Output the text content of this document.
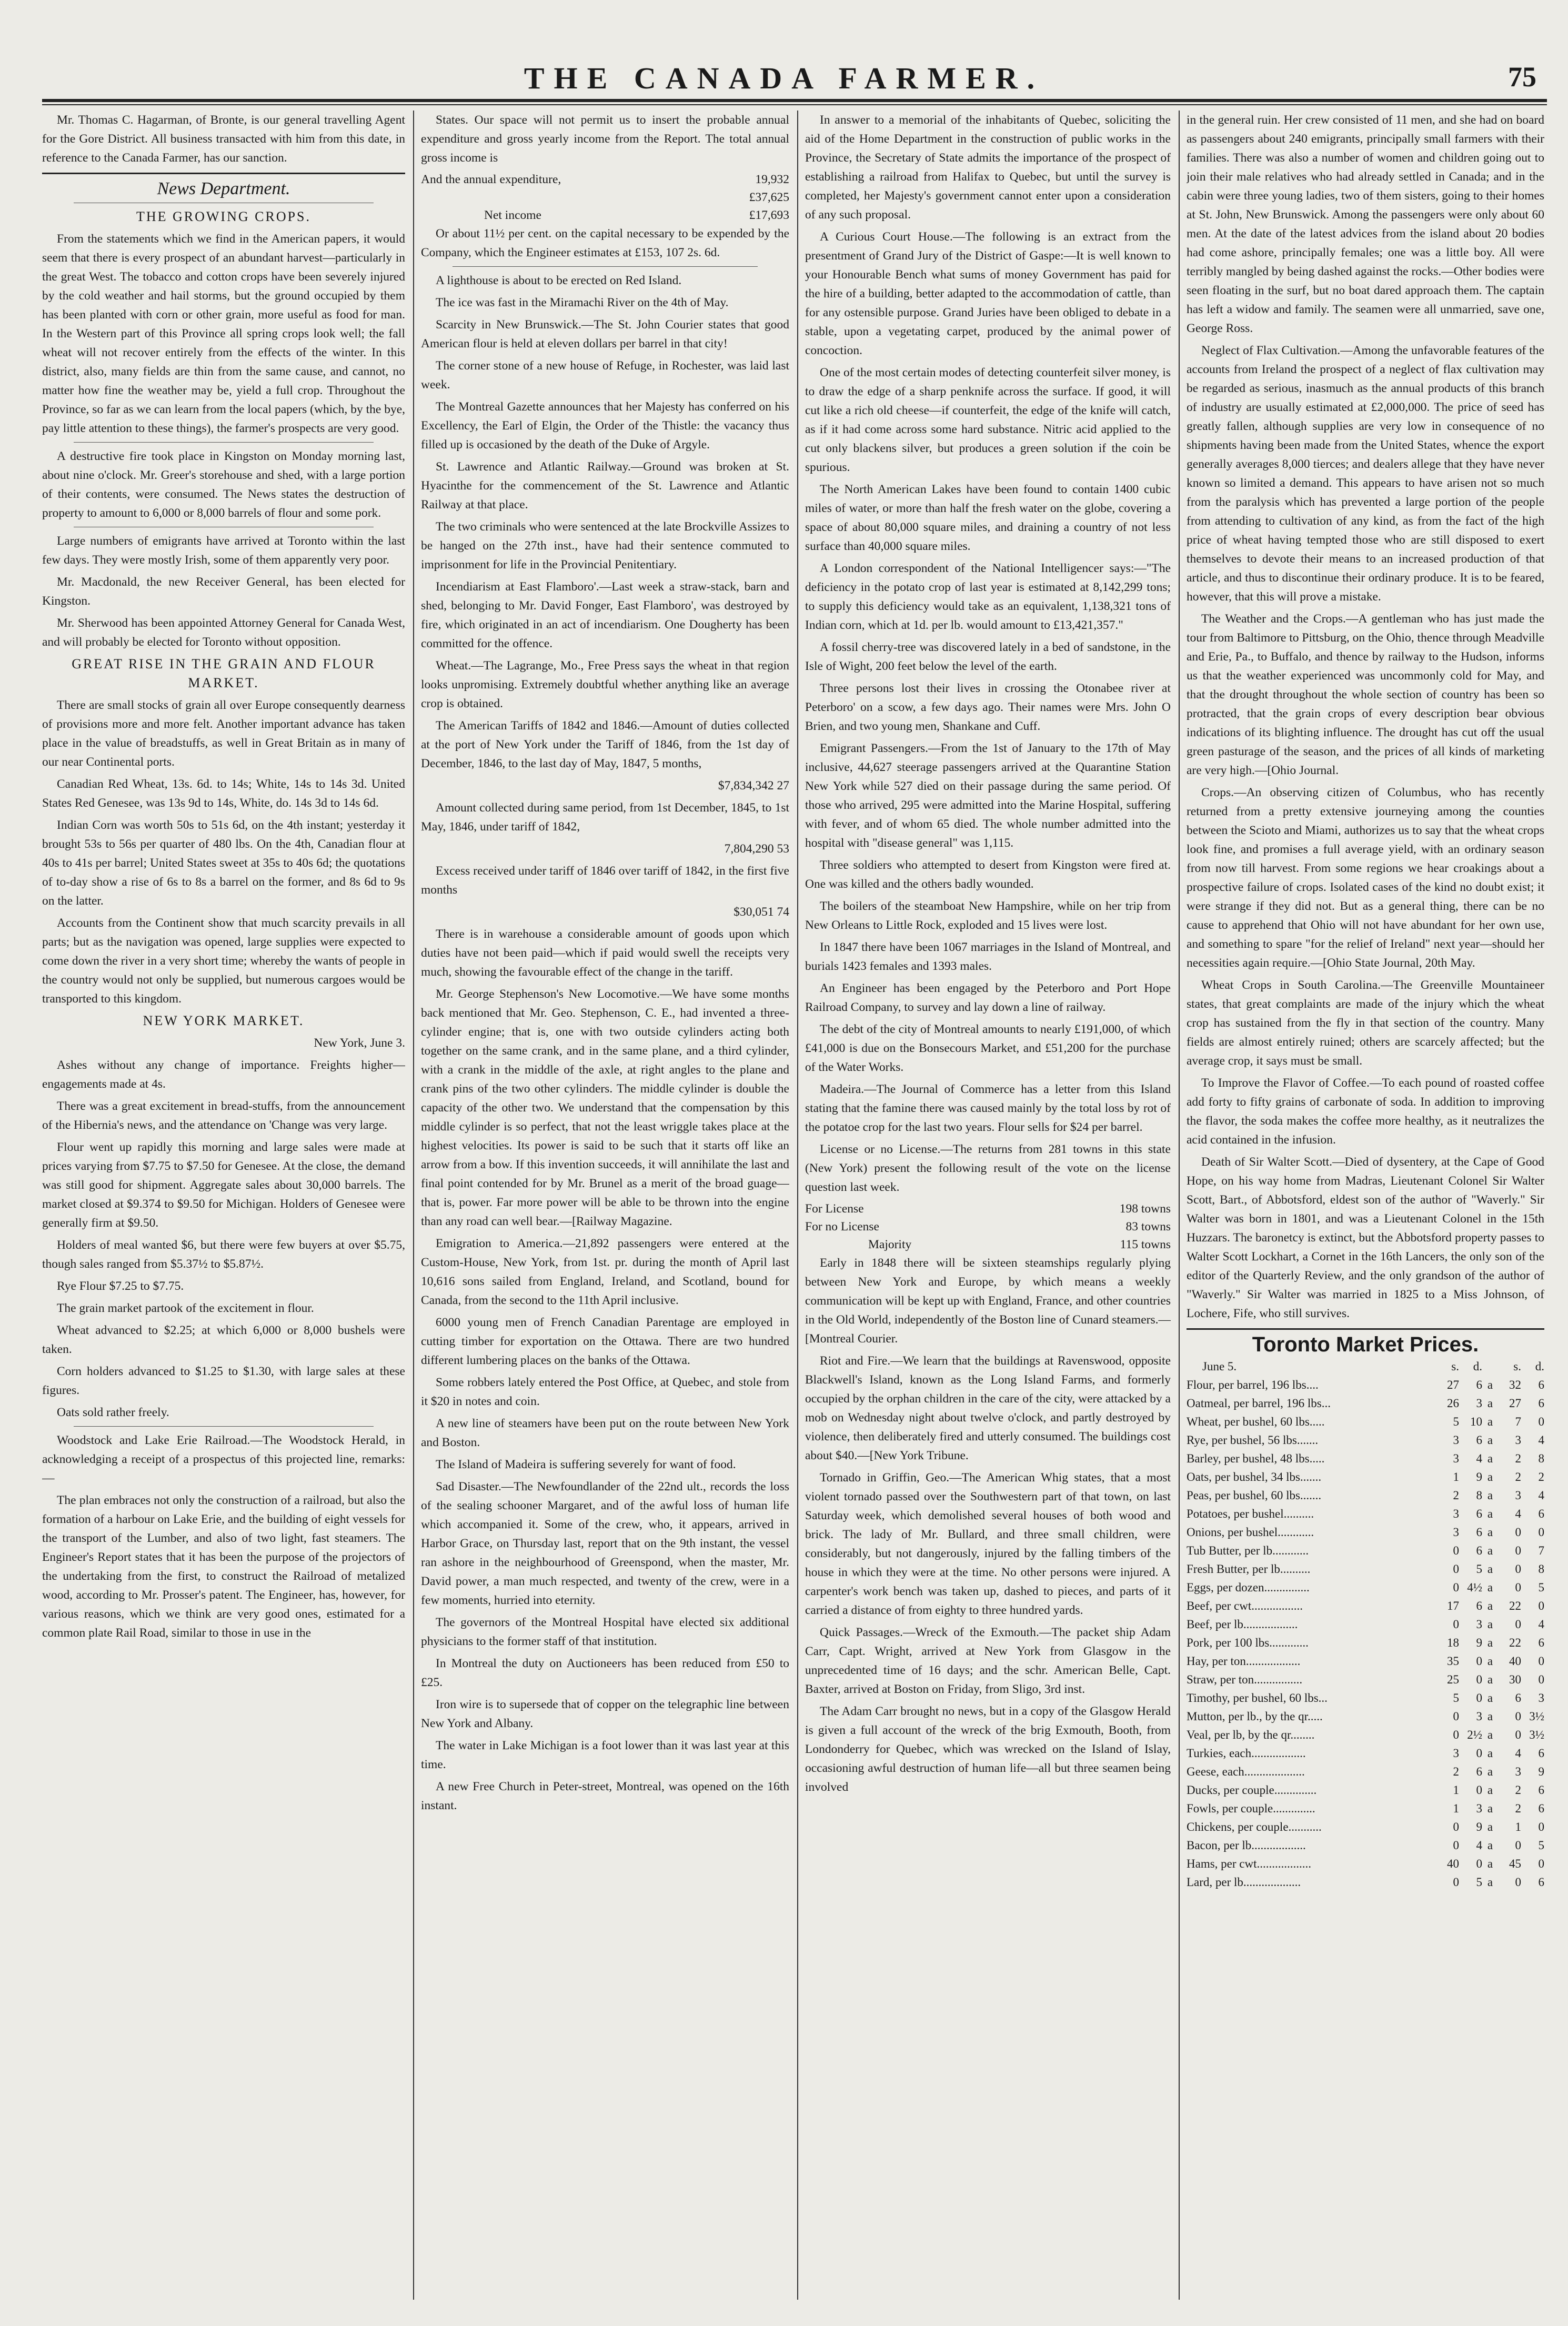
THE CANADA FARMER.	75

Mr. Thomas C. Hagarman, of Bronte, is our general travelling Agent for the Gore District. All business transacted with him from this date, in reference to the Canada Farmer, has our sanction.

News Department.
THE GROWING CROPS.

From the statements which we find in the American papers, it would seem that there is every prospect of an abundant harvest—particularly in the great West. The tobacco and cotton crops have been severely injured by the cold weather and hail storms, but the ground occupied by them has been planted with corn or other grain, more useful as food for man. In the Western part of this Province all spring crops look well; the fall wheat will not recover entirely from the effects of the winter. In this district, also, many fields are thin from the same cause, and cannot, no matter how fine the weather may be, yield a full crop. Throughout the Province, so far as we can learn from the local papers (which, by the bye, pay little attention to these things), the farmer's prospects are very good.

A destructive fire took place in Kingston on Monday morning last, about nine o'clock. Mr. Greer's storehouse and shed, with a large portion of their contents, were consumed. The News states the destruction of property to amount to 6,000 or 8,000 barrels of flour and some pork.

Large numbers of emigrants have arrived at Toronto within the last few days. They were mostly Irish, some of them apparently very poor.

Mr. Macdonald, the new Receiver General, has been elected for Kingston.

Mr. Sherwood has been appointed Attorney General for Canada West, and will probably be elected for Toronto without opposition.

GREAT RISE IN THE GRAIN AND FLOUR MARKET.

There are small stocks of grain all over Europe consequently dearness of provisions more and more felt. Another important advance has taken place in the value of breadstuffs, as well in Great Britain as in many of our near Continental ports.

Canadian Red Wheat, 13s. 6d. to 14s; White, 14s to 14s 3d. United States Red Genesee, was 13s 9d to 14s, White, do. 14s 3d to 14s 6d.

Indian Corn was worth 50s to 51s 6d, on the 4th instant; yesterday it brought 53s to 56s per quarter of 480 lbs. On the 4th, Canadian flour at 40s to 41s per barrel; United States sweet at 35s to 40s 6d; the quotations of to-day show a rise of 6s to 8s a barrel on the former, and 8s 6d to 9s on the latter.

Accounts from the Continent show that much scarcity prevails in all parts; but as the navigation was opened, large supplies were expected to come down the river in a very short time; whereby the wants of people in the country would not only be supplied, but numerous cargoes would be transported to this kingdom.

NEW YORK MARKET.

New York, June 3.

Ashes without any change of importance. Freights higher—engagements made at 4s.

There was a great excitement in bread-stuffs, from the announcement of the Hibernia's news, and the attendance on 'Change was very large.

Flour went up rapidly this morning and large sales were made at prices varying from $7.75 to $7.50 for Genesee. At the close, the demand was still good for shipment. Aggregate sales about 30,000 barrels. The market closed at $9.374 to $9.50 for Michigan. Holders of Genesee were generally firm at $9.50.

Holders of meal wanted $6, but there were few buyers at over $5.75, though sales ranged from $5.37½ to $5.87½.

Rye Flour $7.25 to $7.75.

The grain market partook of the excitement in flour.

Wheat advanced to $2.25; at which 6,000 or 8,000 bushels were taken.

Corn holders advanced to $1.25 to $1.30, with large sales at these figures.

Oats sold rather freely.

Woodstock and Lake Erie Railroad.—The Woodstock Herald, in acknowledging a receipt of a prospectus of this projected line, remarks:—

The plan embraces not only the construction of a railroad, but also the formation of a harbour on Lake Erie, and the building of eight vessels for the transport of the Lumber, and also of two light, fast steamers. The Engineer's Report states that it has been the purpose of the projectors of the undertaking from the first, to construct the Railroad of metalized wood, according to Mr. Prosser's patent. The Engineer, has, however, for various reasons, which we think are very good ones, estimated for a common plate Rail Road, similar to those in use in the

States. Our space will not permit us to insert the probable annual expenditure and gross yearly income from the Report. The total annual gross income is

And the annual expenditure,	19,932
	£37,625
Net income	£17,693

Or about 11½ per cent. on the capital necessary to be expended by the Company, which the Engineer estimates at £153, 107 2s. 6d.

A lighthouse is about to be erected on Red Island.

The ice was fast in the Miramachi River on the 4th of May.

Scarcity in New Brunswick.—The St. John Courier states that good American flour is held at eleven dollars per barrel in that city!

The corner stone of a new house of Refuge, in Rochester, was laid last week.

The Montreal Gazette announces that her Majesty has conferred on his Excellency, the Earl of Elgin, the Order of the Thistle: the vacancy thus filled up is occasioned by the death of the Duke of Argyle.

St. Lawrence and Atlantic Railway.—Ground was broken at St. Hyacinthe for the commencement of the St. Lawrence and Atlantic Railway at that place.

The two criminals who were sentenced at the late Brockville Assizes to be hanged on the 27th inst., have had their sentence commuted to imprisonment for life in the Provincial Penitentiary.

Incendiarism at East Flamboro'.—Last week a straw-stack, barn and shed, belonging to Mr. David Fonger, East Flamboro', was destroyed by fire, which originated in an act of incendiarism. One Dougherty has been committed for the offence.

Wheat.—The Lagrange, Mo., Free Press says the wheat in that region looks unpromising. Extremely doubtful whether anything like an average crop is obtained.

The American Tariffs of 1842 and 1846.—Amount of duties collected at the port of New York under the Tariff of 1846, from the 1st day of December, 1846, to the last day of May, 1847, 5 months,

$7,834,342 27

Amount collected during same period, from 1st December, 1845, to 1st May, 1846, under tariff of 1842,

7,804,290 53

Excess received under tariff of 1846 over tariff of 1842, in the first five months

$30,051 74

There is in warehouse a considerable amount of goods upon which duties have not been paid—which if paid would swell the receipts very much, showing the favourable effect of the change in the tariff.

Mr. George Stephenson's New Locomotive.—We have some months back mentioned that Mr. Geo. Stephenson, C. E., had invented a three-cylinder engine; that is, one with two outside cylinders acting both together on the same crank, and in the same plane, and a third cylinder, with a crank in the middle of the axle, at right angles to the plane and crank pins of the two other cylinders. The middle cylinder is double the capacity of the other two. We understand that the compensation by this middle cylinder is so perfect, that not the least wriggle takes place at the highest velocities. Its power is said to be such that it starts off like an arrow from a bow. If this invention succeeds, it will annihilate the last and final point contended for by Mr. Brunel as a merit of the broad guage—that is, power. Far more power will be able to be thrown into the engine than any road can well bear.—[Railway Magazine.

Emigration to America.—21,892 passengers were entered at the Custom-House, New York, from 1st. pr. during the month of April last 10,616 sons sailed from England, Ireland, and Scotland, bound for Canada, from the second to the 11th April inclusive.

6000 young men of French Canadian Parentage are employed in cutting timber for exportation on the Ottawa. There are two hundred different lumbering places on the banks of the Ottawa.

Some robbers lately entered the Post Office, at Quebec, and stole from it $20 in notes and coin.

A new line of steamers have been put on the route between New York and Boston.

The Island of Madeira is suffering severely for want of food.

Sad Disaster.—The Newfoundlander of the 22nd ult., records the loss of the sealing schooner Margaret, and of the awful loss of human life which accompanied it. Some of the crew, who, it appears, arrived in Harbor Grace, on Thursday last, report that on the 9th instant, the vessel ran ashore in the neighbourhood of Greenspond, when the master, Mr. David power, a man much respected, and twenty of the crew, were in a few moments, hurried into eternity.

The governors of the Montreal Hospital have elected six additional physicians to the former staff of that institution.

In Montreal the duty on Auctioneers has been reduced from £50 to £25.

Iron wire is to supersede that of copper on the telegraphic line between New York and Albany.

The water in Lake Michigan is a foot lower than it was last year at this time.

A new Free Church in Peter-street, Montreal, was opened on the 16th instant.

In answer to a memorial of the inhabitants of Quebec, soliciting the aid of the Home Department in the construction of public works in the Province, the Secretary of State admits the importance of the prospect of establishing a railroad from Halifax to Quebec, but until the survey is completed, her Majesty's government cannot enter upon a consideration of any such proposal.

A Curious Court House.—The following is an extract from the presentment of Grand Jury of the District of Gaspe:—It is well known to your Honourable Bench what sums of money Government has paid for the hire of a building, better adapted to the accommodation of cattle, than for any ostensible purpose. Grand Juries have been obliged to debate in a stable, upon a vegetating carpet, produced by the animal power of concoction.

One of the most certain modes of detecting counterfeit silver money, is to draw the edge of a sharp penknife across the surface. If good, it will cut like a rich old cheese—if counterfeit, the edge of the knife will catch, as if it had come across some hard substance. Nitric acid applied to the cut only blackens silver, but produces a green solution if the coin be spurious.

The North American Lakes have been found to contain 1400 cubic miles of water, or more than half the fresh water on the globe, covering a space of about 80,000 square miles, and draining a country of not less surface than 40,000 square miles.

A London correspondent of the National Intelligencer says:—"The deficiency in the potato crop of last year is estimated at 8,142,299 tons; to supply this deficiency would take as an equivalent, 1,138,321 tons of Indian corn, which at 1d. per lb. would amount to £13,421,357."

A fossil cherry-tree was discovered lately in a bed of sandstone, in the Isle of Wight, 200 feet below the level of the earth.

Three persons lost their lives in crossing the Otonabee river at Peterboro' on a scow, a few days ago. Their names were Mrs. John O Brien, and two young men, Shankane and Cuff.

Emigrant Passengers.—From the 1st of January to the 17th of May inclusive, 44,627 steerage passengers arrived at the Quarantine Station New York while 527 died on their passage during the same period. Of those who arrived, 295 were admitted into the Marine Hospital, suffering with fever, and of whom 65 died. The whole number admitted into the hospital with "disease general" was 1,115.

Three soldiers who attempted to desert from Kingston were fired at. One was killed and the others badly wounded.

The boilers of the steamboat New Hampshire, while on her trip from New Orleans to Little Rock, exploded and 15 lives were lost.

In 1847 there have been 1067 marriages in the Island of Montreal, and burials 1423 females and 1393 males.

An Engineer has been engaged by the Peterboro and Port Hope Railroad Company, to survey and lay down a line of railway.

The debt of the city of Montreal amounts to nearly £191,000, of which £41,000 is due on the Bonsecours Market, and £51,200 for the purchase of the Water Works.

Madeira.—The Journal of Commerce has a letter from this Island stating that the famine there was caused mainly by the total loss by rot of the potatoe crop for the last two years. Flour sells for $24 per barrel.

License or no License.—The returns from 281 towns in this state (New York) present the following result of the vote on the license question last week.

For License	198 towns
For no License	83 towns
Majority	115 towns

Early in 1848 there will be sixteen steamships regularly plying between New York and Europe, by which means a weekly communication will be kept up with England, France, and other countries in the Old World, independently of the Boston line of Cunard steamers.—[Montreal Courier.

Riot and Fire.—We learn that the buildings at Ravenswood, opposite Blackwell's Island, known as the Long Island Farms, and formerly occupied by the orphan children in the care of the city, were attacked by a mob on Wednesday night about twelve o'clock, and partly destroyed by violence, then deliberately fired and utterly consumed. The buildings cost about $40.—[New York Tribune.

Tornado in Griffin, Geo.—The American Whig states, that a most violent tornado passed over the Southwestern part of that town, on last Saturday week, which demolished several houses of both wood and brick. The lady of Mr. Bullard, and three small children, were considerably, but not dangerously, injured by the falling timbers of the house in which they were at the time. No other persons were injured. A carpenter's work bench was taken up, dashed to pieces, and parts of it carried a distance of from eighty to three hundred yards.

Quick Passages.—Wreck of the Exmouth.—The packet ship Adam Carr, Capt. Wright, arrived at New York from Glasgow in the unprecedented time of 16 days; and the schr. American Belle, Capt. Baxter, arrived at Boston on Friday, from Sligo, 3rd inst.

The Adam Carr brought no news, but in a copy of the Glasgow Herald is given a full account of the wreck of the brig Exmouth, Booth, from Londonderry for Quebec, which was wrecked on the Island of Islay, occasioning awful destruction of human life—all but three seamen being involved

in the general ruin. Her crew consisted of 11 men, and she had on board as passengers about 240 emigrants, principally small farmers with their families. There was also a number of women and children going out to join their male relatives who had already settled in Canada; and in the cabin were three young ladies, two of them sisters, going to their homes at St. John, New Brunswick. Among the passengers were only about 60 men. At the date of the latest advices from the island about 20 bodies had come ashore, principally females; one was a little boy. All were terribly mangled by being dashed against the rocks.—Other bodies were seen floating in the surf, but no boat dared approach them. The captain has left a widow and family. The seamen were all unmarried, save one, George Ross.

Neglect of Flax Cultivation.—Among the unfavorable features of the accounts from Ireland the prospect of a neglect of flax cultivation may be regarded as serious, inasmuch as the annual products of this branch of industry are usually estimated at £2,000,000. The price of seed has greatly fallen, although supplies are very low in consequence of no shipments having been made from the United States, whence the export generally averages 8,000 tierces; and dealers allege that they have never known so limited a demand. This appears to have arisen not so much from the paralysis which has prevented a large portion of the people from attending to cultivation of any kind, as from the fact of the high price of wheat having tempted those who are still disposed to exert themselves to devote their means to an increased production of that article, and thus to discontinue their ordinary produce. It is to be feared, however, that this will prove a mistake.

The Weather and the Crops.—A gentleman who has just made the tour from Baltimore to Pittsburg, on the Ohio, thence through Meadville and Erie, Pa., to Buffalo, and thence by railway to the Hudson, informs us that the weather experienced was uncommonly cold for May, and that the drought throughout the whole section of country has been so protracted, that the grain crops of every description bear obvious indications of its blighting influence. The drought has cut off the usual green pasturage of the season, and the prices of all kinds of marketing are very high.—[Ohio Journal.

Crops.—An observing citizen of Columbus, who has recently returned from a pretty extensive journeying among the counties between the Scioto and Miami, authorizes us to say that the wheat crops look fine, and promises a full average yield, with an ordinary season from now till harvest. From some regions we hear croakings about a prospective failure of crops. Isolated cases of the kind no doubt exist; it were strange if they did not. But as a general thing, there can be no cause to apprehend that Ohio will not have abundant for her own use, and something to spare "for the relief of Ireland" next year—should her necessities again require.—[Ohio State Journal, 20th May.

Wheat Crops in South Carolina.—The Greenville Mountaineer states, that great complaints are made of the injury which the wheat crop has sustained from the fly in that section of the country. Many fields are almost entirely ruined; others are scarcely affected; but the average crop, it says must be small.

To Improve the Flavor of Coffee.—To each pound of roasted coffee add forty to fifty grains of carbonate of soda. In addition to improving the flavor, the soda makes the coffee more healthy, as it neutralizes the acid contained in the infusion.

Death of Sir Walter Scott.—Died of dysentery, at the Cape of Good Hope, on his way home from Madras, Lieutenant Colonel Sir Walter Scott, Bart., of Abbotsford, eldest son of the author of "Waverly." Sir Walter was born in 1801, and was a Lieutenant Colonel in the 15th Huzzars. The baronetcy is extinct, but the Abbotsford property passes to Walter Scott Lockhart, a Cornet in the 16th Lancers, the only son of the editor of the Quarterly Review, and the only grandson of the author of "Waverly." Sir Walter was married in 1825 to a Miss Johnson, of Lochere, Fife, who still survives.

Toronto Market Prices.
June 5.	s.	d.		s.	d.
Flour, per barrel, 196 lbs....	27	6	a	32	6
Oatmeal, per barrel, 196 lbs...	26	3	a	27	6
Wheat, per bushel, 60 lbs.....	5	10	a	7	0
Rye, per bushel, 56 lbs.......	3	6	a	3	4
Barley, per bushel, 48 lbs.....	3	4	a	2	8
Oats, per bushel, 34 lbs.......	1	9	a	2	2
Peas, per bushel, 60 lbs.......	2	8	a	3	4
Potatoes, per bushel..........	3	6	a	4	6
Onions, per bushel............	3	6	a	0	0
Tub Butter, per lb............	0	6	a	0	7
Fresh Butter, per lb..........	0	5	a	0	8
Eggs, per dozen...............	0	4½	a	0	5
Beef, per cwt.................	17	6	a	22	0
Beef, per lb..................	0	3	a	0	4
Pork, per 100 lbs.............	18	9	a	22	6
Hay, per ton..................	35	0	a	40	0
Straw, per ton................	25	0	a	30	0
Timothy, per bushel, 60 lbs...	5	0	a	6	3
Mutton, per lb., by the qr.....	0	3	a	0	3½
Veal, per lb, by the qr........	0	2½	a	0	3½
Turkies, each..................	3	0	a	4	6
Geese, each....................	2	6	a	3	9
Ducks, per couple..............	1	0	a	2	6
Fowls, per couple..............	1	3	a	2	6
Chickens, per couple...........	0	9	a	1	0
Bacon, per lb..................	0	4	a	0	5
Hams, per cwt..................	40	0	a	45	0
Lard, per lb...................	0	5	a	0	6
